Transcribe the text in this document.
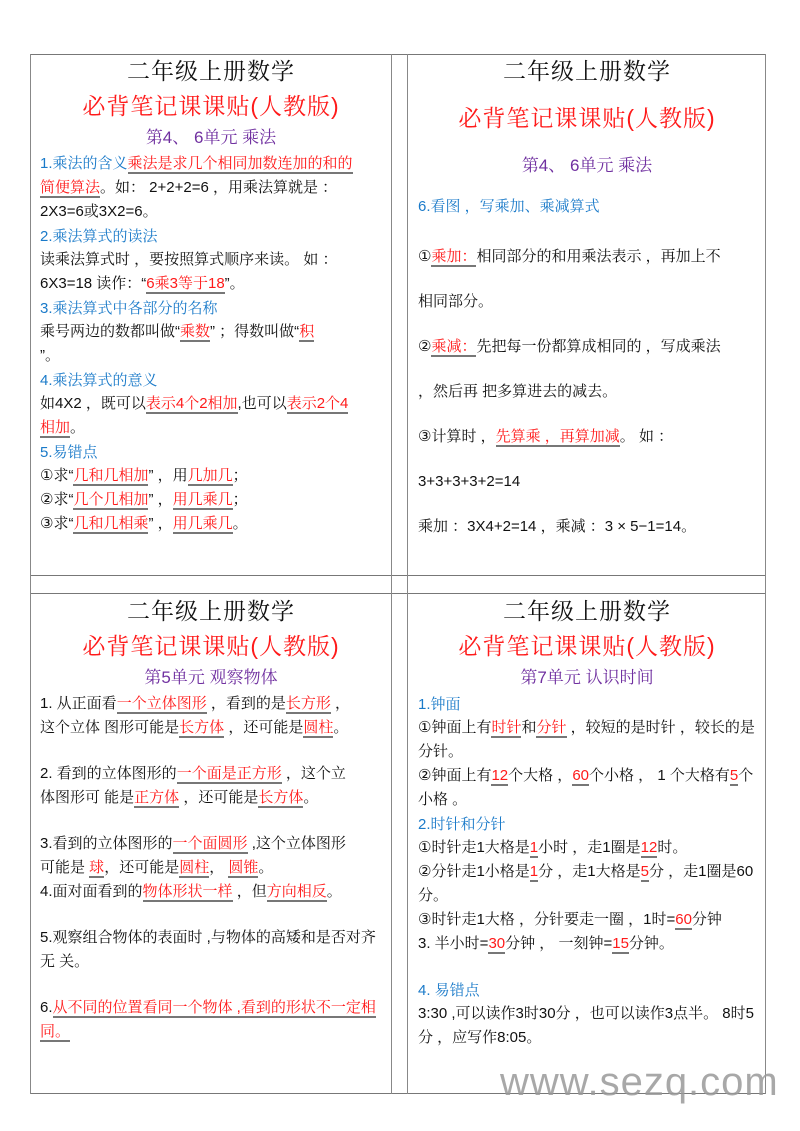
二年级上册数学
必背笔记课课贴(人教版)
第4、 6单元 乘法
1.乘法的含义乘法是求几个相同加数连加的和的
简便算法。如： 2+2+2=6 ，用乘法算就是 ：
2X3=6或3X2=6。
2.乘法算式的读法
读乘法算式时 ，要按照算式顺序来读。 如 ：
6X3=18 读作：“6乘3等于18”。
3.乘法算式中各部分的名称
乘号两边的数都叫做“乘数” ；得数叫做“积
”。
4.乘法算式的意义
如4X2 ，既可以表示4个2相加,也可以表示2个4
相加。
5.易错点
①求“几和几相加” ，用几加几；
②求“几个几相加” ，用几乘几；
③求“几和几相乘” ，用几乘几。
二年级上册数学
必背笔记课课贴(人教版)
第4、 6单元 乘法
6.看图 ，写乘加、乘减算式
①乘加：相同部分的和用乘法表示 ，再加上不
相同部分。
②乘减：先把每一份都算成相同的 ，写成乘法
，然后再 把多算进去的减去。
③计算时 ，先算乘 ，再算加减。 如 ：
3+3+3+3+2=14
乘加 ：3X4+2=14 ，乘减 ：3 × 5−1=14。
二年级上册数学
必背笔记课课贴(人教版)
第5单元 观察物体
1. 从正面看一个立体图形 ，看到的是长方形 ，
这个立体 图形可能是长方体 ，还可能是圆柱。
2. 看到的立体图形的一个面是正方形 ，这个立
体图形可 能是正方体 ，还可能是长方体。
3.看到的立体图形的一个面圆形 ,这个立体图形
可能是 球，还可能是圆柱， 圆锥。
4.面对面看到的物体形状一样 ，但方向相反。
5.观察组合物体的表面时 ,与物体的高矮和是否对齐无 关。
6.从不同的位置看同一个物体 ,看到的形状不一定相同。
二年级上册数学
必背笔记课课贴(人教版)
第7单元 认识时间
1.钟面
①钟面上有时针和分针 ，较短的是时针 ，较长的是分针。
②钟面上有12个大格 ，60个小格 ， 1 个大格有5个小格 。
2.时针和分针
①时针走1大格是1小时 ，走1圈是12时。
②分针走1小格是1分 ，走1大格是5分 ，走1圈是60分。
③时针走1大格 ，分针要走一圈 ，1时=60分钟
3. 半小时=30分钟 ， 一刻钟=15分钟。
4. 易错点
3:30 ,可以读作3时30分 ，也可以读作3点半。 8时5分 ，应写作8:05。
www.sezq.com
